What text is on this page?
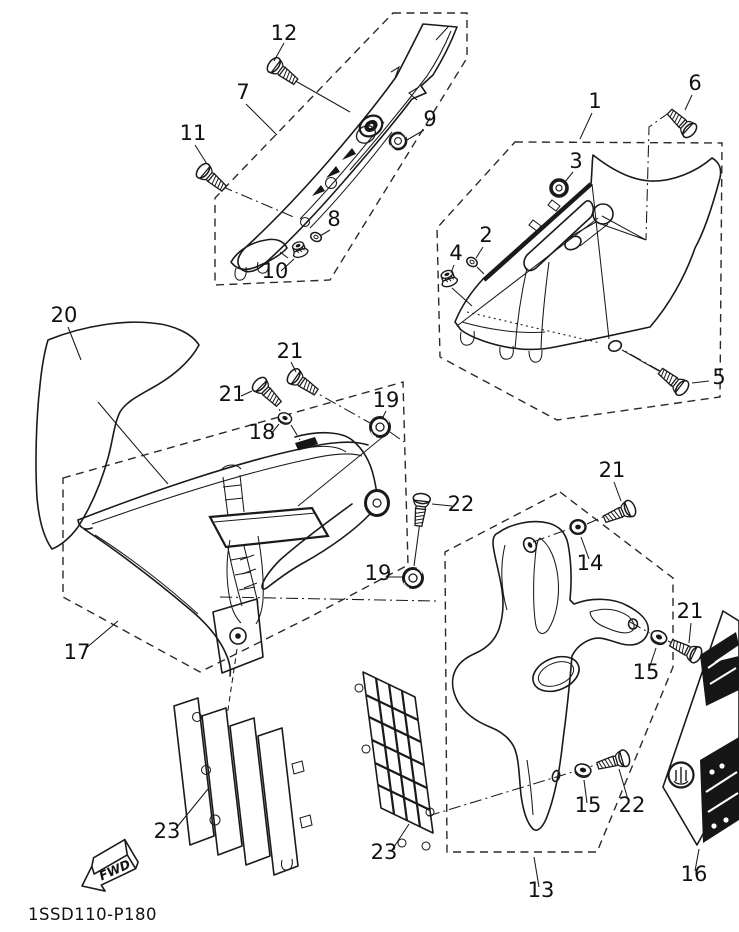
12
7
11
9
8
10
6
1
3
2
4
5
20
21
21
18
19
22
19
17
21
14
21
15
15 22
23
23
13
16
FWD
1SSD110-P180
